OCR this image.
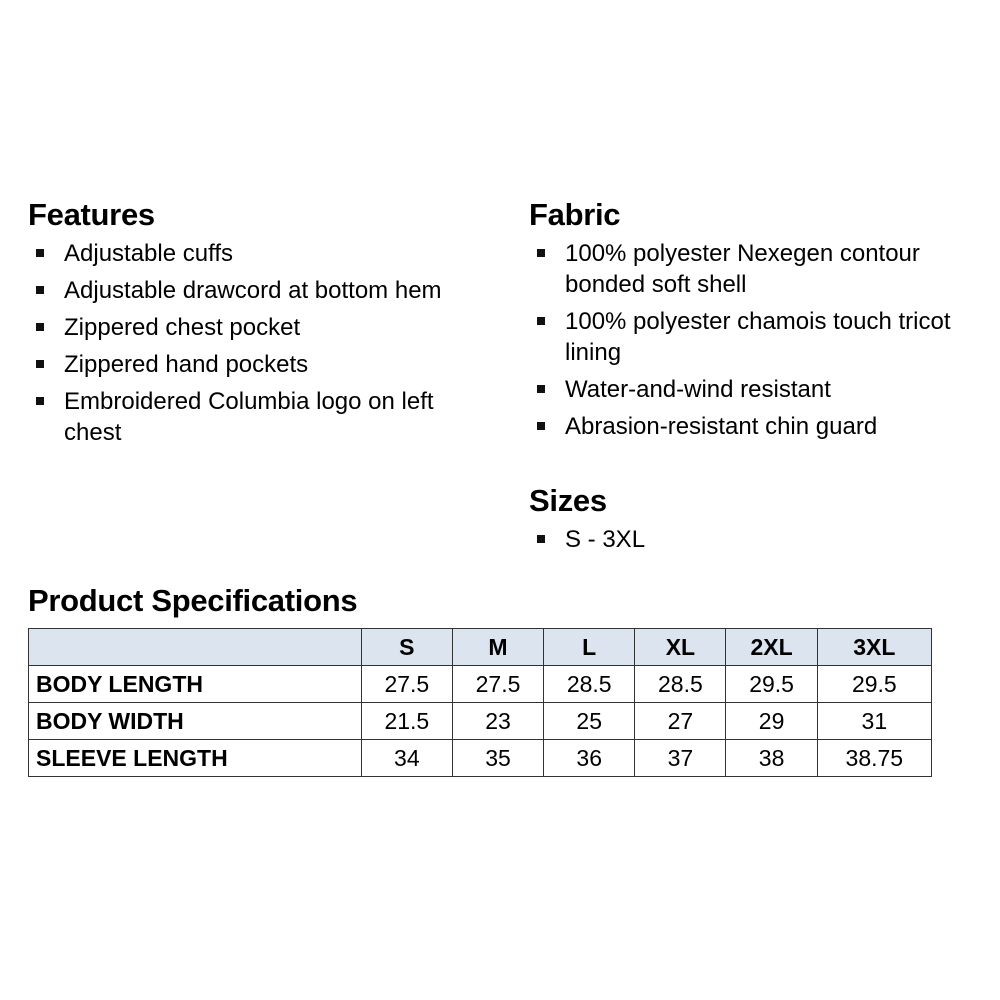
Features
Adjustable cuffs
Adjustable drawcord at bottom hem
Zippered chest pocket
Zippered hand pockets
Embroidered Columbia logo on left chest
Fabric
100% polyester Nexegen contour bonded soft shell
100% polyester chamois touch tricot lining
Water-and-wind resistant
Abrasion-resistant chin guard
Sizes
S - 3XL
Product Specifications
	S	M	L	XL	2XL	3XL
BODY LENGTH	27.5	27.5	28.5	28.5	29.5	29.5
BODY WIDTH	21.5	23	25	27	29	31
SLEEVE LENGTH	34	35	36	37	38	38.75
